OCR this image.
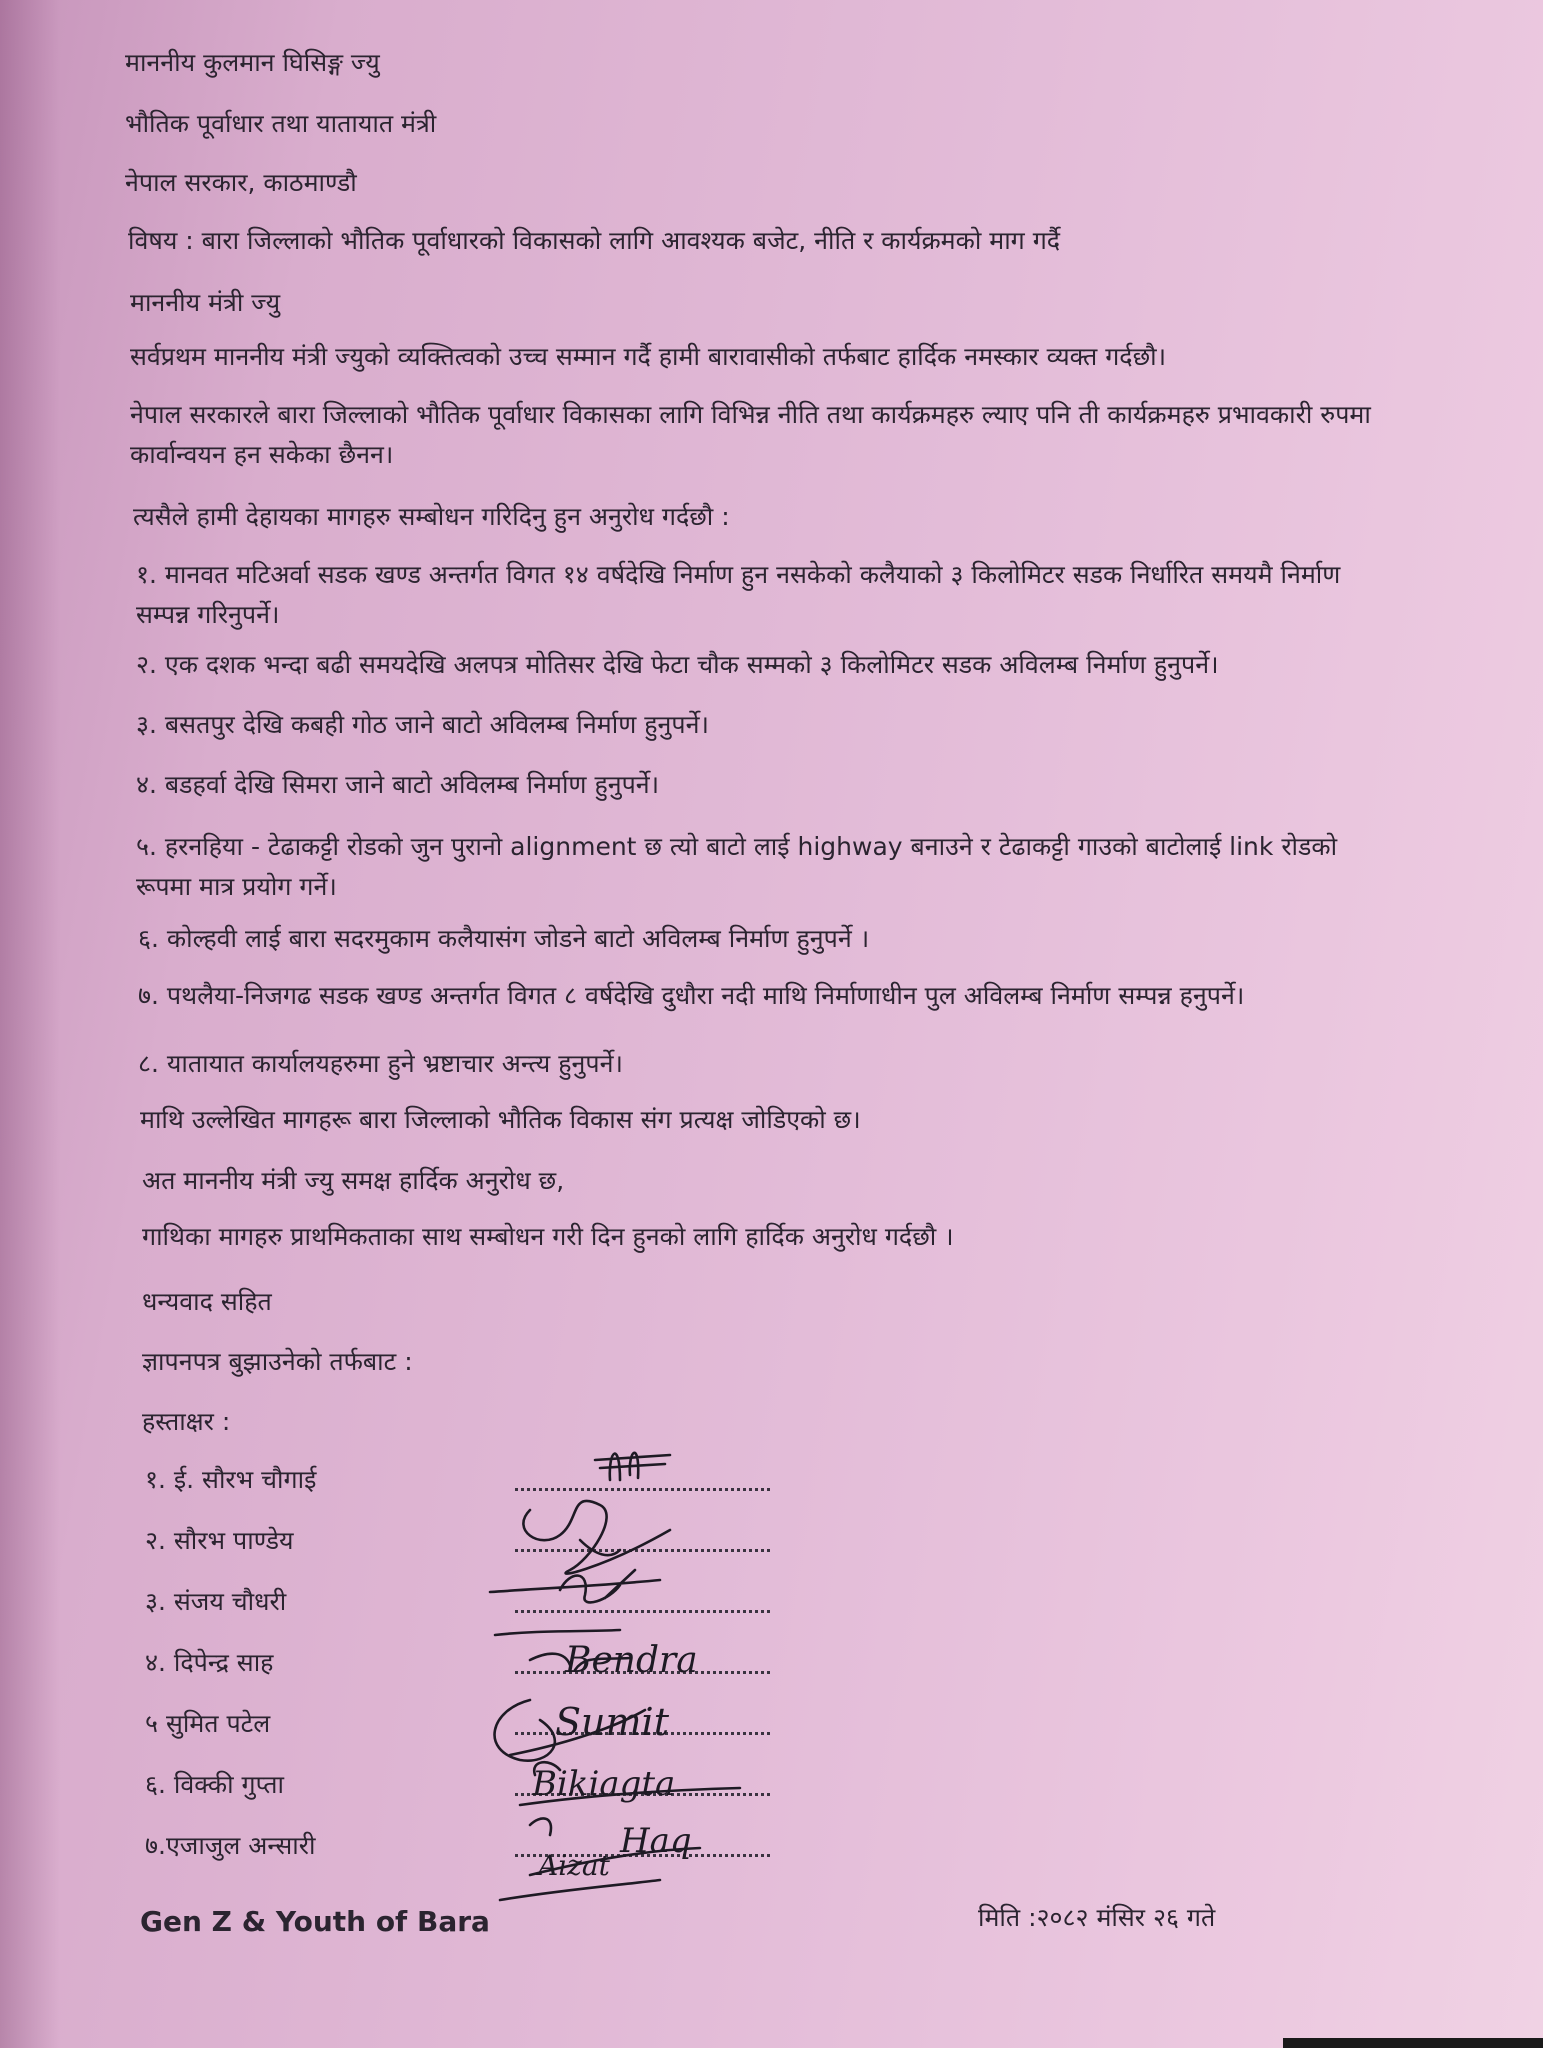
माननीय कुलमान घिसिङ्ग ज्यु
भौतिक पूर्वाधार तथा यातायात मंत्री
नेपाल सरकार, काठमाण्डौ
विषय : बारा जिल्लाको भौतिक पूर्वाधारको विकासको लागि आवश्यक बजेट, नीति र कार्यक्रमको माग गर्दै
माननीय मंत्री ज्यु
सर्वप्रथम माननीय मंत्री ज्युको व्यक्तित्वको उच्च सम्मान गर्दै हामी बारावासीको तर्फबाट हार्दिक नमस्कार व्यक्त गर्दछौ।
नेपाल सरकारले बारा जिल्लाको भौतिक पूर्वाधार विकासका लागि विभिन्न नीति तथा कार्यक्रमहरु ल्याए पनि ती कार्यक्रमहरु प्रभावकारी रुपमा कार्वान्वयन हन सकेका छैनन।
त्यसैले हामी देहायका मागहरु सम्बोधन गरिदिनु हुन अनुरोध गर्दछौ :
१. मानवत मटिअर्वा सडक खण्ड अन्तर्गत विगत १४ वर्षदेखि निर्माण हुन नसकेको कलैयाको ३ किलोमिटर सडक निर्धारित समयमै निर्माण सम्पन्न गरिनुपर्ने।
२. एक दशक भन्दा बढी समयदेखि अलपत्र मोतिसर देखि फेटा चौक सम्मको ३ किलोमिटर सडक अविलम्ब निर्माण हुनुपर्ने।
३. बसतपुर देखि कबही गोठ जाने बाटो अविलम्ब निर्माण हुनुपर्ने।
४. बडहर्वा देखि सिमरा जाने बाटो अविलम्ब निर्माण हुनुपर्ने।
५. हरनहिया - टेढाकट्टी रोडको जुन पुरानो alignment छ त्यो बाटो लाई highway बनाउने र टेढाकट्टी गाउको बाटोलाई link रोडको रूपमा मात्र प्रयोग गर्ने।
६. कोल्हवी लाई बारा सदरमुकाम कलैयासंग जोडने बाटो अविलम्ब निर्माण हुनुपर्ने ।
७. पथलैया-निजगढ सडक खण्ड अन्तर्गत विगत ८ वर्षदेखि दुधौरा नदी माथि निर्माणाधीन पुल अविलम्ब निर्माण सम्पन्न हनुपर्ने।
८. यातायात कार्यालयहरुमा हुने भ्रष्टाचार अन्त्य हुनुपर्ने।
माथि उल्लेखित मागहरू बारा जिल्लाको भौतिक विकास संग प्रत्यक्ष जोडिएको छ।
अत माननीय मंत्री ज्यु समक्ष हार्दिक अनुरोध छ,
गाथिका मागहरु प्राथमिकताका साथ सम्बोधन गरी दिन हुनको लागि हार्दिक अनुरोध गर्दछौ ।
धन्यवाद सहित
ज्ञापनपत्र बुझाउनेको तर्फबाट :
हस्ताक्षर :
१. ई. सौरभ चौगाई
२. सौरभ पाण्डेय
३. संजय चौधरी
४. दिपेन्द्र साह
५ सुमित पटेल
६. विक्की गुप्ता
७.एजाजुल अन्सारी
Bendra
Sumit
Bikiagta
Haq
Aizat
Gen Z & Youth of Bara	मिति :२०८२ मंसिर २६ गते
